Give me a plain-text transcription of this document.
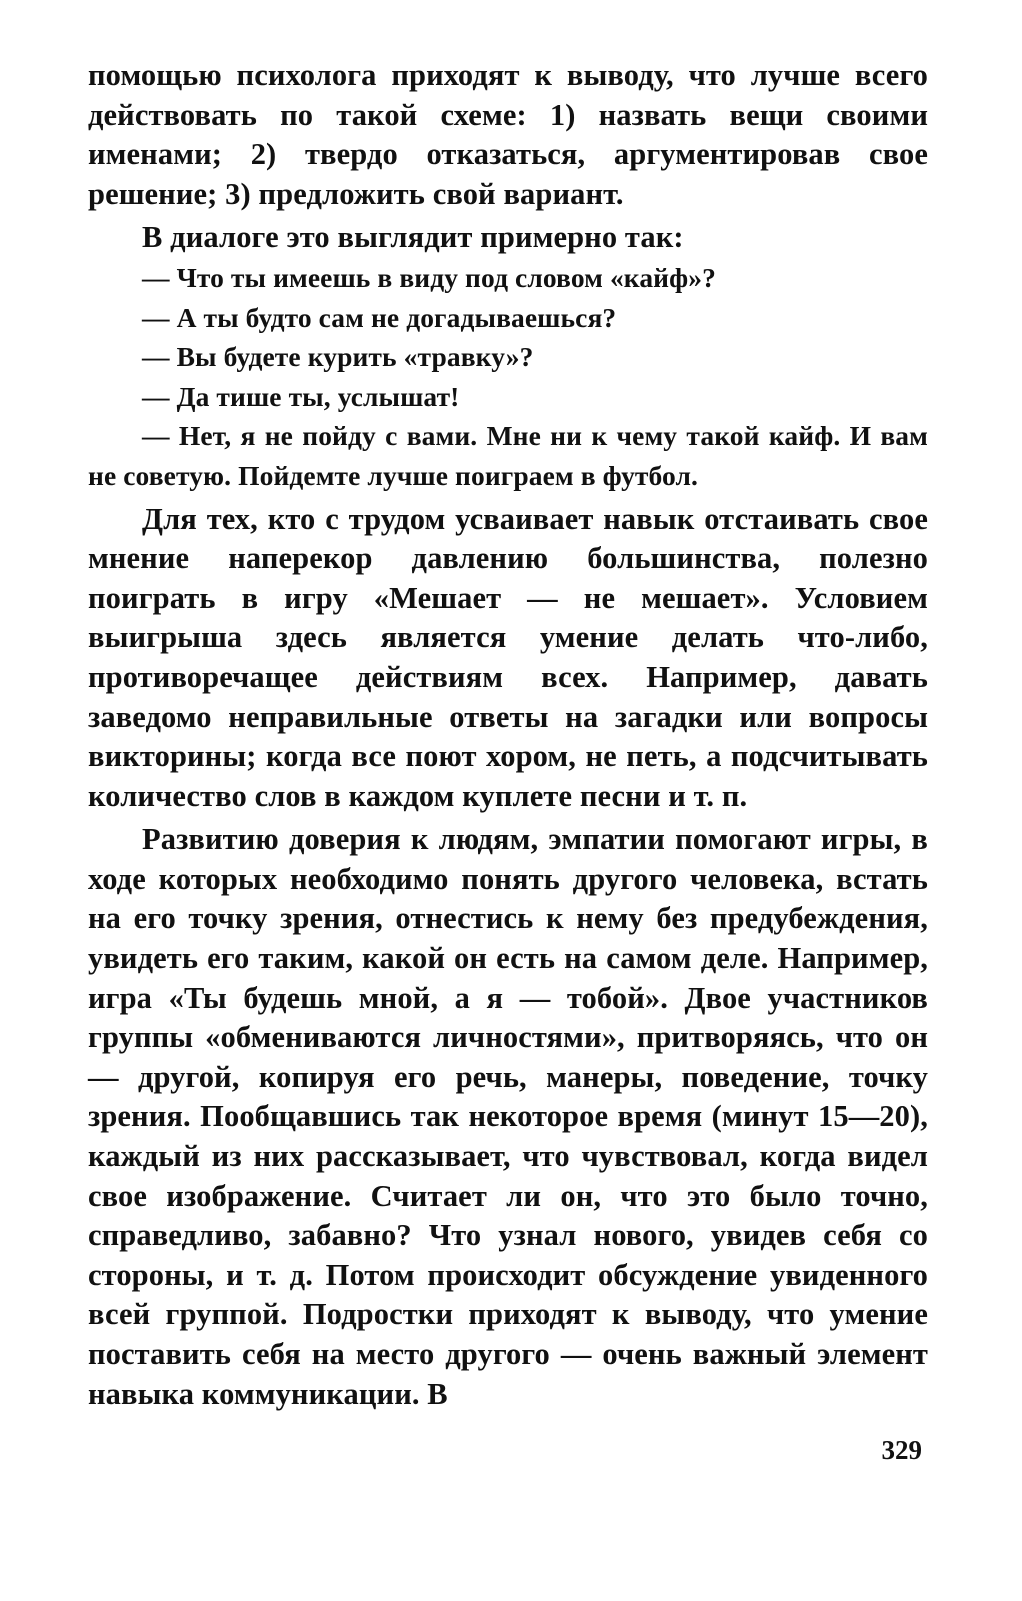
помощью психолога приходят к выводу, что лучше всего действовать по такой схеме: 1) назвать вещи своими именами; 2) твердо отказаться, аргументировав свое решение; 3) предложить свой вариант.

В диалоге это выглядит примерно так:

— Что ты имеешь в виду под словом «кайф»?

— А ты будто сам не догадываешься?

— Вы будете курить «травку»?

— Да тише ты, услышат!

— Нет, я не пойду с вами. Мне ни к чему такой кайф. И вам не советую. Пойдемте лучше поиграем в футбол.

Для тех, кто с трудом усваивает навык отстаивать свое мнение наперекор давлению большинства, полезно поиграть в игру «Мешает — не мешает». Условием выигрыша здесь является умение делать что-либо, противоречащее действиям всех. Например, давать заведомо неправильные ответы на загадки или вопросы викторины; когда все поют хором, не петь, а подсчитывать количество слов в каждом куплете песни и т. п.

Развитию доверия к людям, эмпатии помогают игры, в ходе которых необходимо понять другого человека, встать на его точку зрения, отнестись к нему без предубеждения, увидеть его таким, какой он есть на самом деле. Например, игра «Ты будешь мной, а я — тобой». Двое участников группы «обмениваются личностями», притворяясь, что он — другой, копируя его речь, манеры, поведение, точку зрения. Пообщавшись так некоторое время (минут 15—20), каждый из них рассказывает, что чувствовал, когда видел свое изображение. Считает ли он, что это было точно, справедливо, забавно? Что узнал нового, увидев себя со стороны, и т. д. Потом происходит обсуждение увиденного всей группой. Подростки приходят к выводу, что умение поставить себя на место другого — очень важный элемент навыка коммуникации. В

329
